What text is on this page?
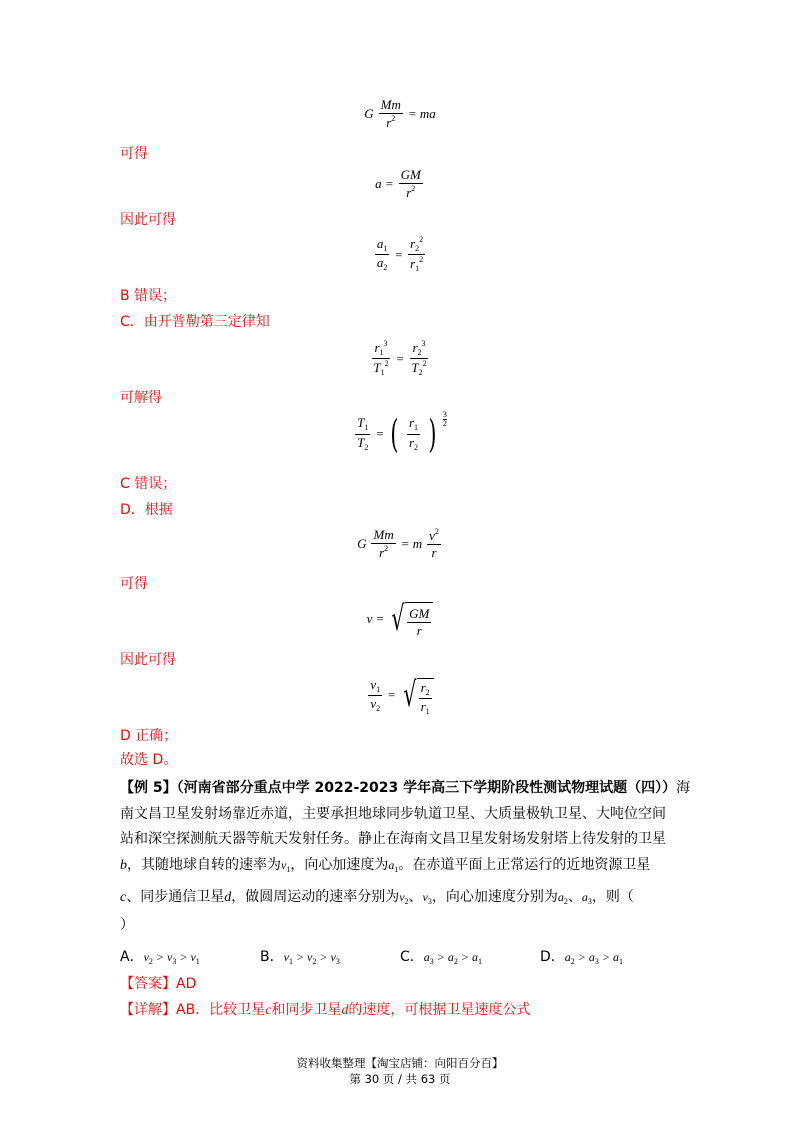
G $\frac{Mm}{r^2}$ = ma
可得
$a = \frac{GM}{r^2}$
因此可得
$\frac{a_1}{a_2} = \frac{r_2^2}{r_1^2}$
B 错误；
C．由开普勒第三定律知
$\frac{r_1^3}{T_1^2} = \frac{r_2^3}{T_2^2}$
可解得
$\frac{T_1}{T_2}$ = ( $\frac{r_1}{r_2}$ ) 3
2
C 错误；
D．根据
G $\frac{Mm}{r^2} = m \frac{v^2}{r}$
可得
v = √ $\frac{GM}{r}$
因此可得
$\frac{v_1}{v_2}$ = √ $\frac{r_2}{r_1}$
D 正确；
故选 D。
【例 5】（河南省部分重点中学 2022-2023 学年高三下学期阶段性测试物理试题（四））海
南文昌卫星发射场靠近赤道，主要承担地球同步轨道卫星、大质量极轨卫星、大吨位空间
站和深空探测航天器等航天发射任务。静止在海南文昌卫星发射场发射塔上待发射的卫星
b，其随地球自转的速率为$v_1$，向心加速度为$a_1$。在赤道平面上正常运行的近地资源卫星
c、同步通信卫星d，做圆周运动的速率分别为$v_2$、$v_3$，向心加速度分别为$a_2$、$a_3$，则（
）
A．$v_2 > v_3 > v_1$	B．$v_1 > v_2 > v_3$	C．$a_3 > a_2 > a_1$	D．$a_2 > a_3 > a_1$
【答案】AD
【详解】AB．比较卫星c和同步卫星d的速度，可根据卫星速度公式
资料收集整理【淘宝店铺：向阳百分百】
第 30 页 / 共 63 页
